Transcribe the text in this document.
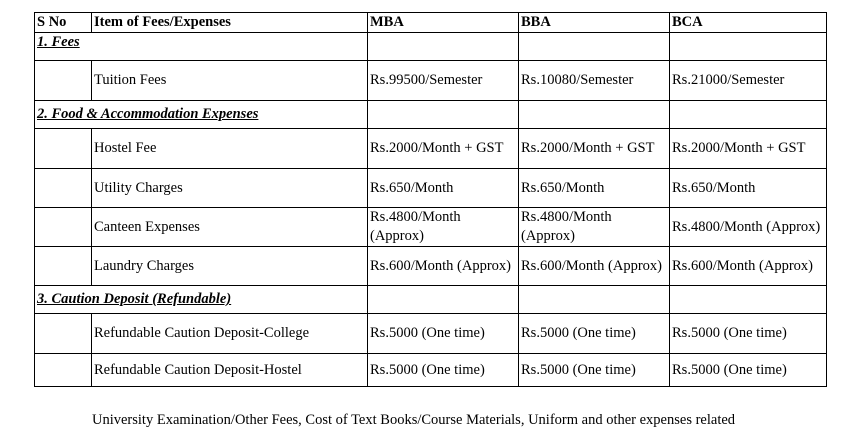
S No	Item of Fees/Expenses	MBA	BBA	BCA
1. Fees				
	Tuition Fees	Rs.99500/Semester	Rs.10080/Semester	Rs.21000/Semester
2. Food & Accommodation Expenses				
	Hostel Fee	Rs.2000/Month + GST	Rs.2000/Month + GST	Rs.2000/Month + GST
	Utility Charges	Rs.650/Month	Rs.650/Month	Rs.650/Month
	Canteen Expenses	Rs.4800/Month (Approx)	Rs.4800/Month (Approx)	Rs.4800/Month (Approx)
	Laundry Charges	Rs.600/Month (Approx)	Rs.600/Month (Approx)	Rs.600/Month (Approx)
3. Caution Deposit (Refundable)				
	Refundable Caution Deposit-College	Rs.5000 (One time)	Rs.5000 (One time)	Rs.5000 (One time)
	Refundable Caution Deposit-Hostel	Rs.5000 (One time)	Rs.5000 (One time)	Rs.5000 (One time)
University Examination/Other Fees, Cost of Text Books/Course Materials, Uniform and other expenses related
